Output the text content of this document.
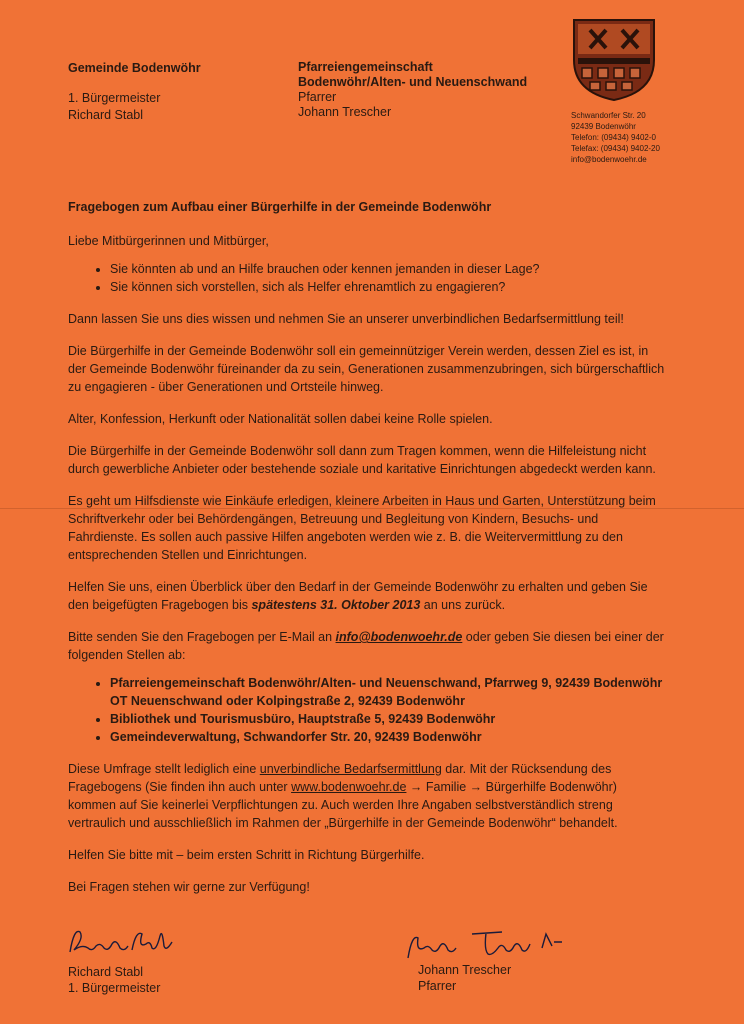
Gemeinde Bodenwöhr
1. Bürgermeister
Richard Stabl
Pfarreiengemeinschaft
Bodenwöhr/Alten- und Neuenschwand
Pfarrer
Johann Trescher	Schwandorfer Str. 20
92439 Bodenwöhr
Telefon: (09434) 9402-0
Telefax: (09434) 9402-20
info@bodenwoehr.de

Fragebogen zum Aufbau einer Bürgerhilfe in der Gemeinde Bodenwöhr

Liebe Mitbürgerinnen und Mitbürger,

• Sie könnten ab und an Hilfe brauchen oder kennen jemanden in dieser Lage?
• Sie können sich vorstellen, sich als Helfer ehrenamtlich zu engagieren?

Dann lassen Sie uns dies wissen und nehmen Sie an unserer unverbindlichen Bedarfsermittlung teil!

Die Bürgerhilfe in der Gemeinde Bodenwöhr soll ein gemeinnütziger Verein werden, dessen Ziel es ist, in der Gemeinde Bodenwöhr füreinander da zu sein, Generationen zusammenzubringen, sich bürgerschaftlich zu engagieren - über Generationen und Ortsteile hinweg.

Alter, Konfession, Herkunft oder Nationalität sollen dabei keine Rolle spielen.

Die Bürgerhilfe in der Gemeinde Bodenwöhr soll dann zum Tragen kommen, wenn die Hilfeleistung nicht durch gewerbliche Anbieter oder bestehende soziale und karitative Einrichtungen abgedeckt werden kann.

Es geht um Hilfsdienste wie Einkäufe erledigen, kleinere Arbeiten in Haus und Garten, Unterstützung beim Schriftverkehr oder bei Behördengängen, Betreuung und Begleitung von Kindern, Besuchs- und Fahrdienste. Es sollen auch passive Hilfen angeboten werden wie z. B. die Weitervermittlung zu den entsprechenden Stellen und Einrichtungen.

Helfen Sie uns, einen Überblick über den Bedarf in der Gemeinde Bodenwöhr zu erhalten und geben Sie den beigefügten Fragebogen bis spätestens 31. Oktober 2013 an uns zurück.

Bitte senden Sie den Fragebogen per E-Mail an info@bodenwoehr.de oder geben Sie diesen bei einer der folgenden Stellen ab:

• Pfarreiengemeinschaft Bodenwöhr/Alten- und Neuenschwand, Pfarrweg 9, 92439 Bodenwöhr OT Neuenschwand oder Kolpingstraße 2, 92439 Bodenwöhr
• Bibliothek und Tourismusbüro, Hauptstraße 5, 92439 Bodenwöhr
• Gemeindeverwaltung, Schwandorfer Str. 20, 92439 Bodenwöhr

Diese Umfrage stellt lediglich eine unverbindliche Bedarfsermittlung dar. Mit der Rücksendung des Fragebogens (Sie finden ihn auch unter www.bodenwoehr.de → Familie → Bürgerhilfe Bodenwöhr) kommen auf Sie keinerlei Verpflichtungen zu. Auch werden Ihre Angaben selbstverständlich streng vertraulich und ausschließlich im Rahmen der „Bürgerhilfe in der Gemeinde Bodenwöhr“ behandelt.

Helfen Sie bitte mit – beim ersten Schritt in Richtung Bürgerhilfe.

Bei Fragen stehen wir gerne zur Verfügung!

Richard Stabl
1. Bürgermeister
Johann Trescher
Pfarrer
